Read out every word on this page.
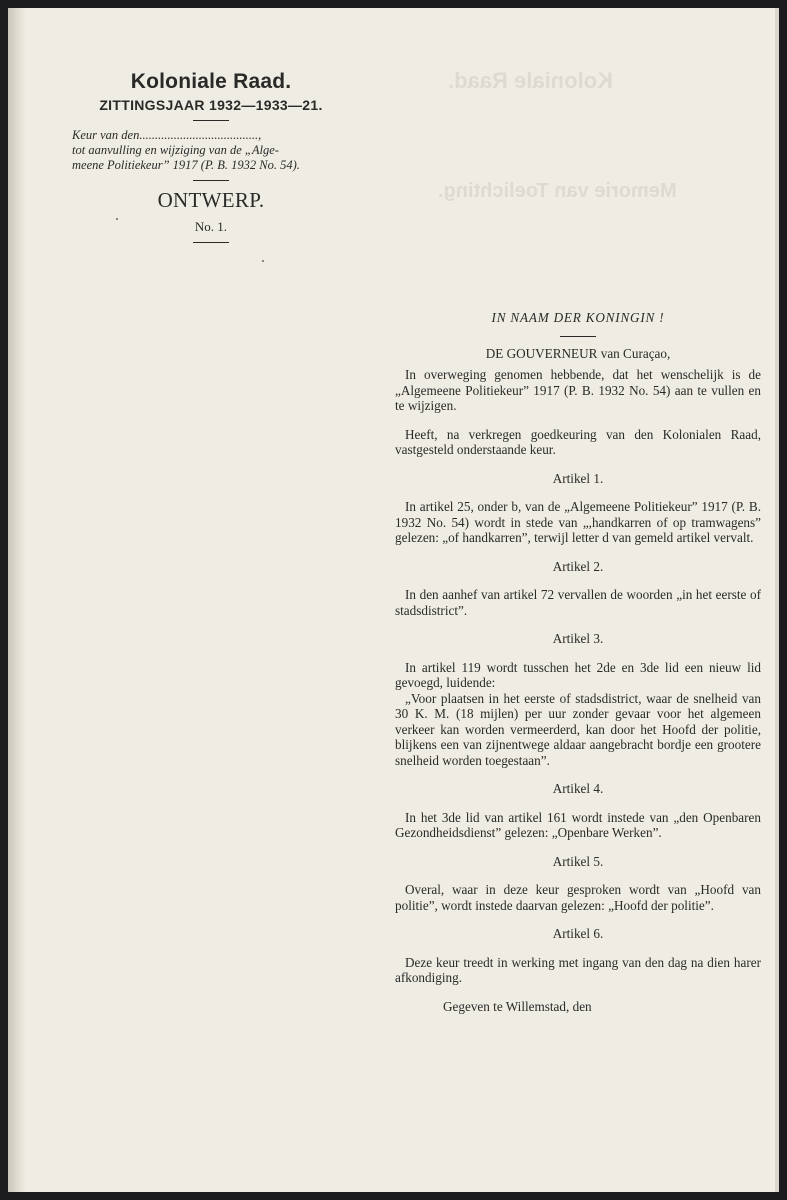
Koloniale Raad.
Memorie van Toelichting.
Koloniale Raad.
ZITTINGSJAAR 1932—1933—21.
Keur van den......................................,
tot aanvulling en wijziging van de „Alge-
meene Politiekeur” 1917 (P. B. 1932 No. 54).
ONTWERP.
No. 1.

IN NAAM DER KONINGIN !

DE GOUVERNEUR van Curaçao,

In overweging genomen hebbende, dat het wenschelijk is de „Algemeene Politiekeur” 1917 (P. B. 1932 No. 54) aan te vullen en te wijzigen.

Heeft, na verkregen goedkeuring van den Kolonialen Raad, vastgesteld onderstaande keur.

Artikel 1.

In artikel 25, onder b, van de „Algemeene Politiekeur” 1917 (P. B. 1932 No. 54) wordt in stede van „,handkarren of op tramwagens” gelezen: „of handkarren”, terwijl letter d van gemeld artikel vervalt.

Artikel 2.

In den aanhef van artikel 72 vervallen de woorden „in het eerste of stadsdistrict”.

Artikel 3.

In artikel 119 wordt tusschen het 2de en 3de lid een nieuw lid gevoegd, luidende:

„Voor plaatsen in het eerste of stadsdistrict, waar de snelheid van 30 K. M. (18 mijlen) per uur zonder gevaar voor het algemeen verkeer kan worden vermeerderd, kan door het Hoofd der politie, blijkens een van zijnentwege aldaar aangebracht bordje een grootere snelheid worden toegestaan”.

Artikel 4.

In het 3de lid van artikel 161 wordt instede van „den Openbaren Gezondheidsdienst” gelezen: „Openbare Werken”.

Artikel 5.

Overal, waar in deze keur gesproken wordt van „Hoofd van politie”, wordt instede daarvan gelezen: „Hoofd der politie”.

Artikel 6.

Deze keur treedt in werking met ingang van den dag na dien harer afkondiging.

Gegeven te Willemstad, den
